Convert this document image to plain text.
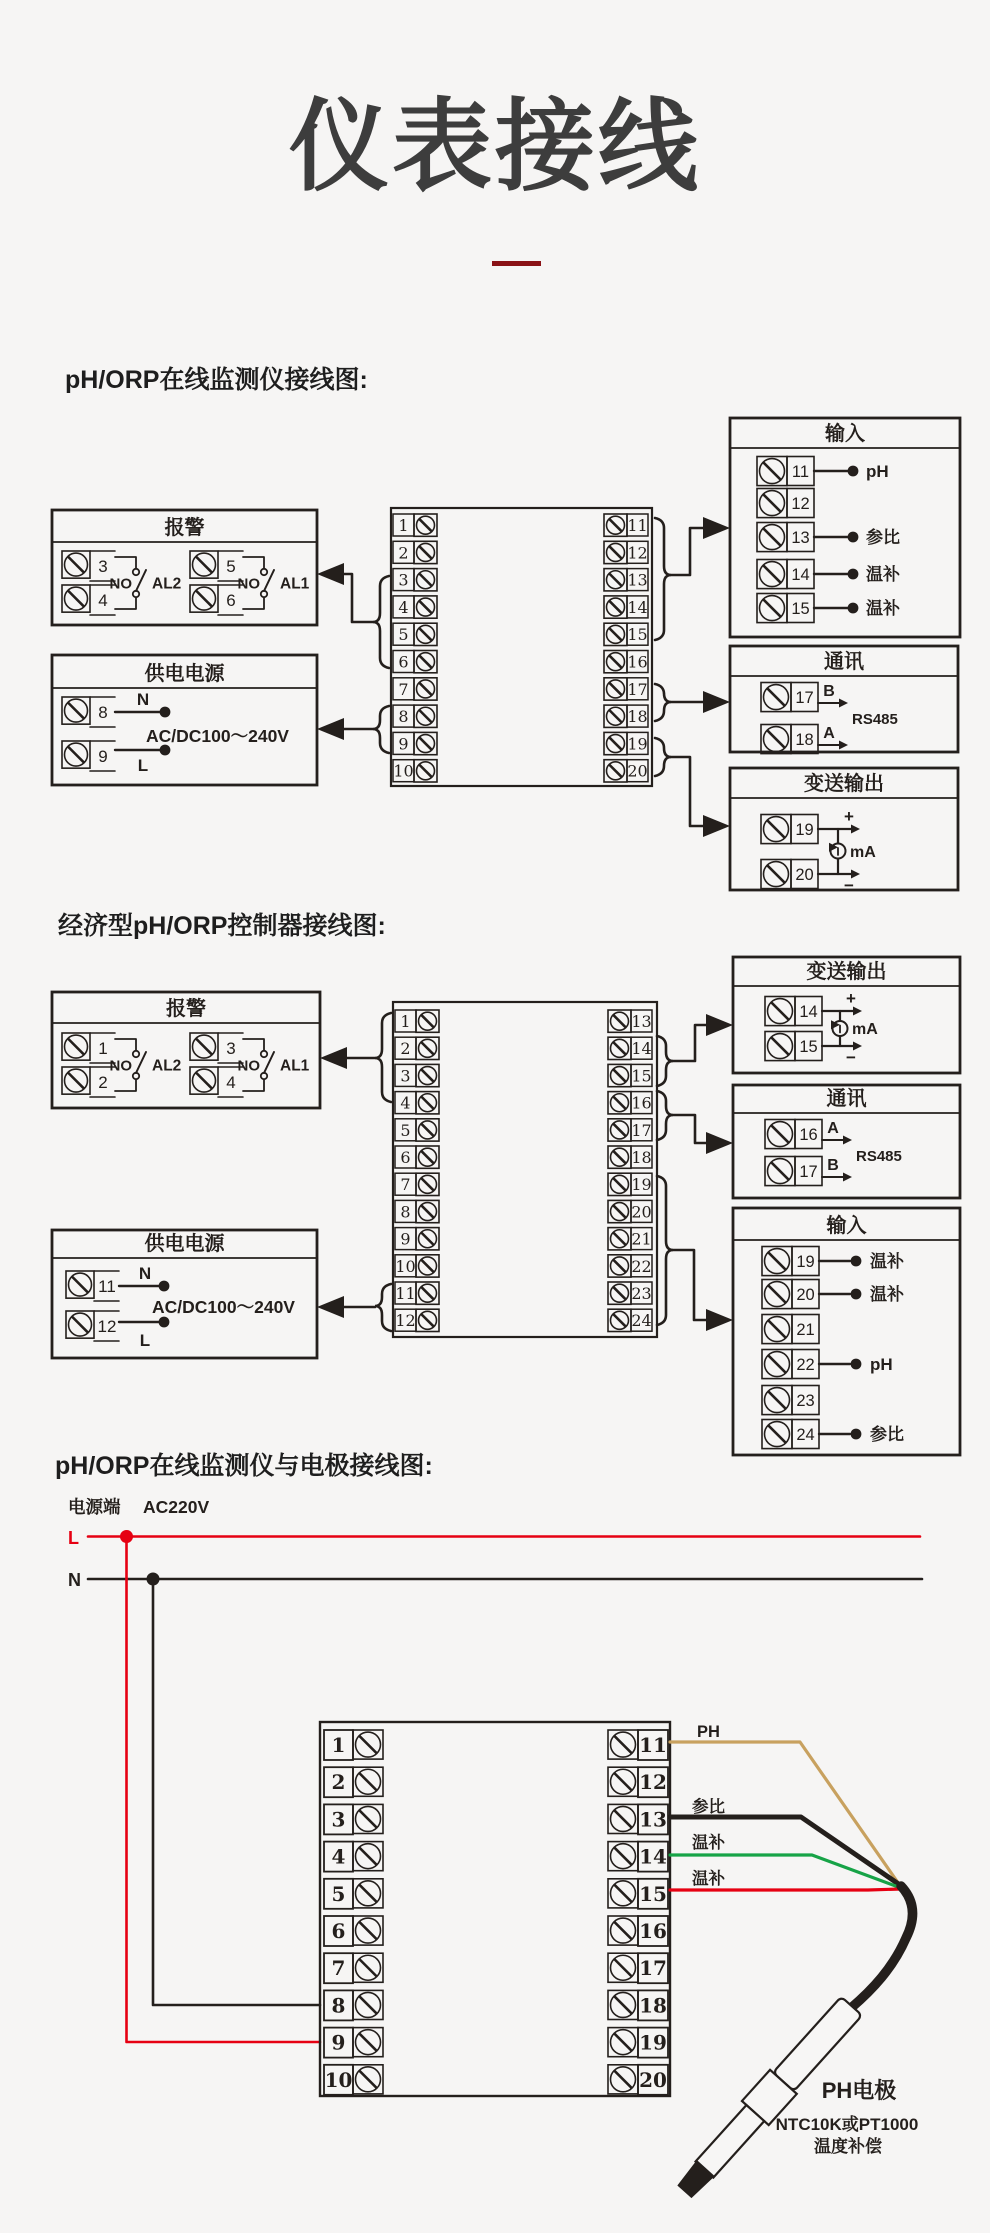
仪表接线
pH/ORP在线监测仪接线图:
经济型pH/ORP控制器接线图:
pH/ORP在线监测仪与电极接线图:
报警
3
4
NO AL2
5
6
NO AL1
供电电源
8
N
9 L
AC/DC100～240V
1	11
2	12
3	13
4	14
5	15
6	16
7	17
8	18
9	19
10	20
输入
11	pH
12
13	参比
14	温补
15	温补
通讯
17 B
18 A
RS485
变送输出
19
20
+
−
mA
报警
1
2
NO AL2
3
4
NO AL1
供电电源
11
N
12
L
AC/DC100～240V
1	13
2	14
3	15
4	16
5	17
6	18
7	19
8	20
9	21
10	22
11	23
12	24
变送输出
14
15
+
−
mA
通讯
16 A
17 B
RS485
输入
19	温补
20	温补
21
22	pH
23
24	参比
电源端 AC220V
L
N
1	11
2	12
3	13
4	14
5	15
6	16
7	17
8	18
9	19
10	20
PH
参比
温补
温补
PH电极
NTC10K或PT1000
温度补偿
